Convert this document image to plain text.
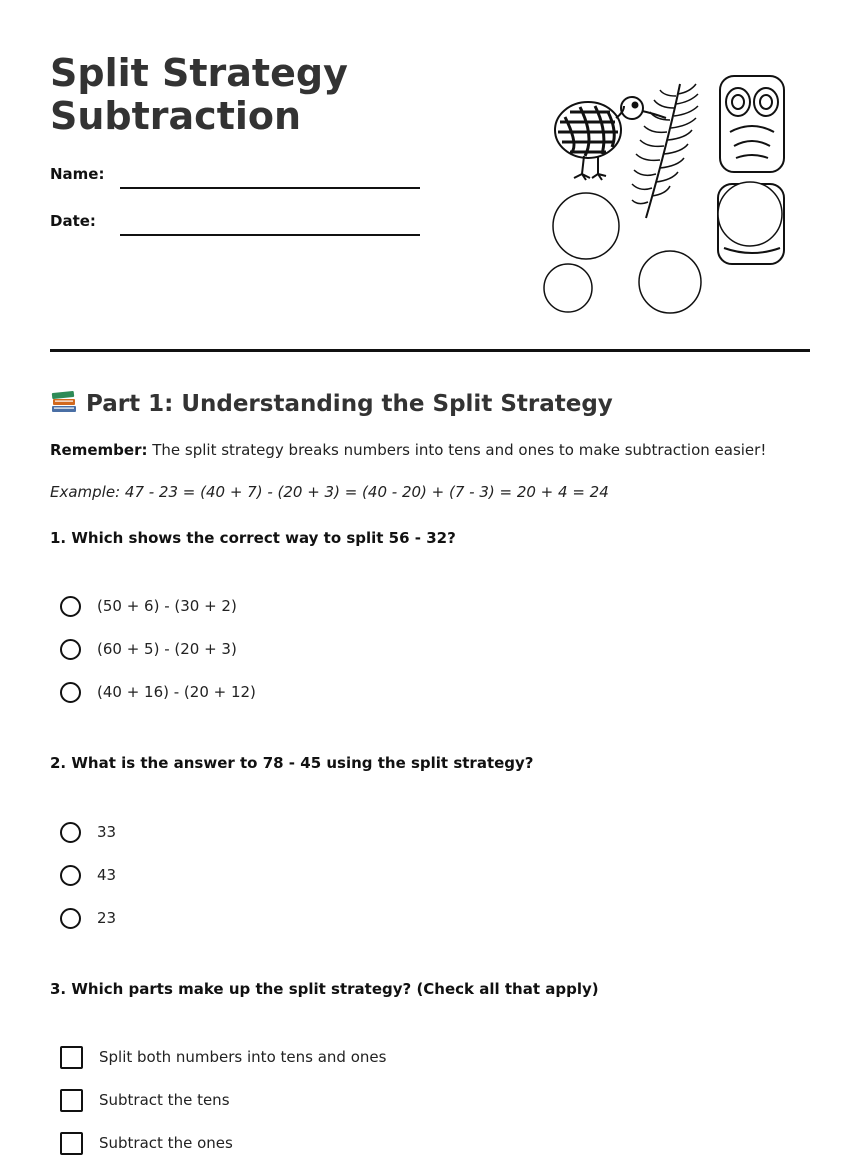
Split Strategy
Subtraction
Name:
Date:
Part 1: Understanding the Split Strategy

Remember: The split strategy breaks numbers into tens and ones to make subtraction easier!

Example: 47 - 23 = (40 + 7) - (20 + 3) = (40 - 20) + (7 - 3) = 20 + 4 = 24

1. Which shows the correct way to split 56 - 32?

(50 + 6) - (30 + 2)
(60 + 5) - (20 + 3)
(40 + 16) - (20 + 12)

2. What is the answer to 78 - 45 using the split strategy?

33
43
23

3. Which parts make up the split strategy? (Check all that apply)

Split both numbers into tens and ones
Subtract the tens
Subtract the ones
